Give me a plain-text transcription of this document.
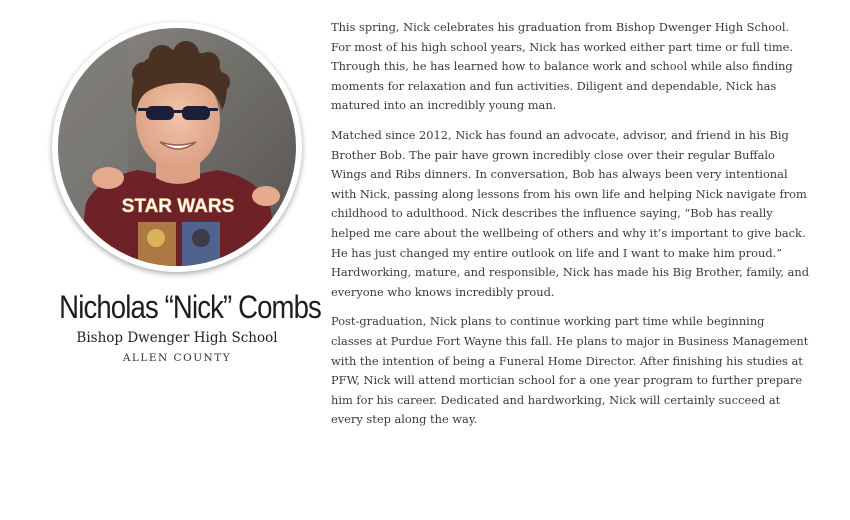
STAR WARS
Nicholas “Nick” Combs
Bishop Dwenger High School
ALLEN COUNTY

This spring, Nick celebrates his graduation from Bishop Dwenger High School. For most of his high school years, Nick has worked either part time or full time. Through this, he has learned how to balance work and school while also finding moments for relaxation and fun activities. Diligent and dependable, Nick has matured into an incredibly young man.

Matched since 2012, Nick has found an advocate, advisor, and friend in his Big Brother Bob. The pair have grown incredibly close over their regular Buffalo Wings and Ribs dinners. In conversation, Bob has always been very intentional with Nick, passing along lessons from his own life and helping Nick navigate from childhood to adulthood. Nick describes the influence saying, “Bob has really helped me care about the wellbeing of others and why it’s important to give back. He has just changed my entire outlook on life and I want to make him proud.” Hardworking, mature, and responsible, Nick has made his Big Brother, family, and everyone who knows incredibly proud.

Post-graduation, Nick plans to continue working part time while beginning classes at Purdue Fort Wayne this fall. He plans to major in Business Management with the intention of being a Funeral Home Director. After finishing his studies at PFW, Nick will attend mortician school for a one year program to further prepare him for his career. Dedicated and hardworking, Nick will certainly succeed at every step along the way.
